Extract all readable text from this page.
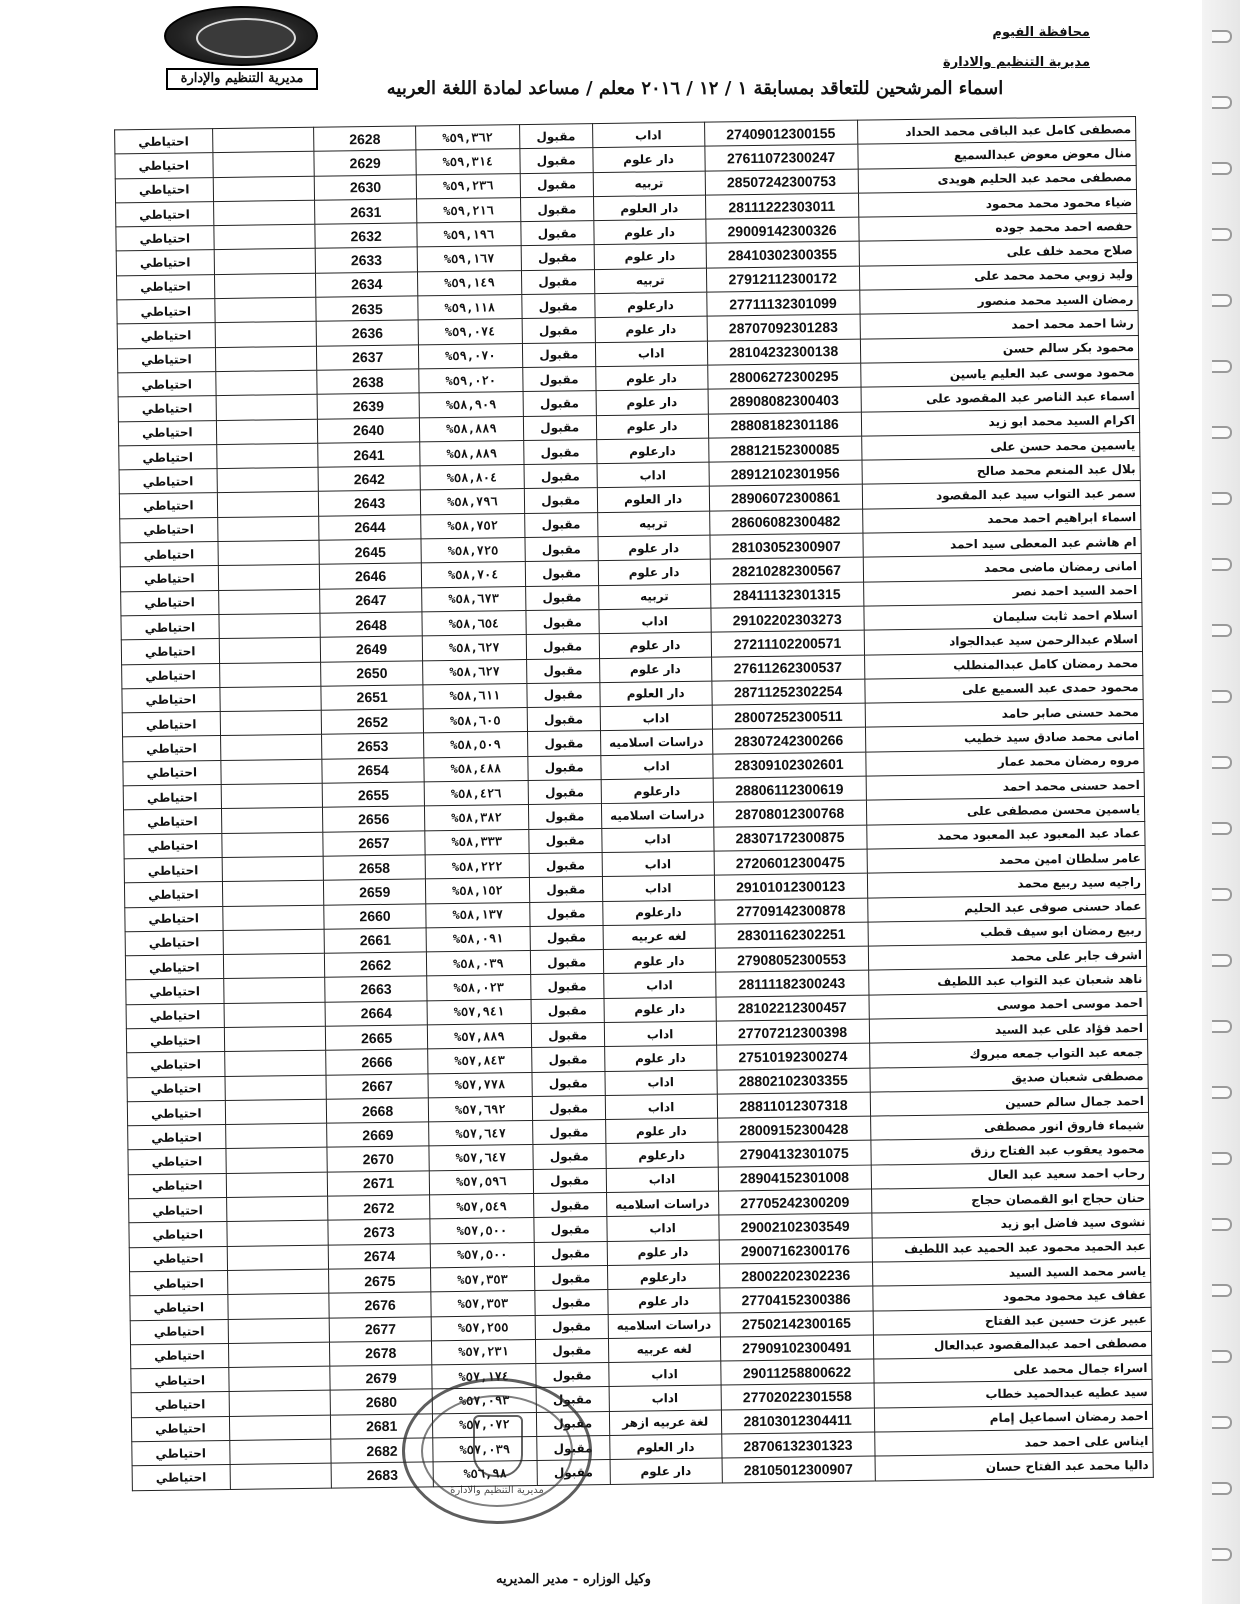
مديرية التنظيم والإدارة
محافظة الفيوم
مديرية التنظيم والادارة
اسماء المرشحين للتعاقد بمسابقة ١ / ١٢ / ٢٠١٦ معلم / مساعد لمادة اللغة العربيه
مصطفى كامل عبد الباقى محمد الحداد	27409012300155	اداب	مقبول	%٥٩,٣٦٢	2628		احتياطي
منال معوض معوض عبدالسميع	27611072300247	دار علوم	مقبول	%٥٩,٣١٤	2629		احتياطي
مصطفى محمد عبد الحليم هويدى	28507242300753	تربيه	مقبول	%٥٩,٢٣٦	2630		احتياطي
ضياء محمود محمد محمود	28111222303011	دار العلوم	مقبول	%٥٩,٢١٦	2631		احتياطي
حفصه احمد محمد جوده	29009142300326	دار علوم	مقبول	%٥٩,١٩٦	2632		احتياطي
صلاح محمد خلف على	28410302300355	دار علوم	مقبول	%٥٩,١٦٧	2633		احتياطي
وليد زوبي محمد محمد على	27912112300172	تربيه	مقبول	%٥٩,١٤٩	2634		احتياطي
رمضان السيد محمد منصور	27711132301099	دارعلوم	مقبول	%٥٩,١١٨	2635		احتياطي
رشا احمد محمد احمد	28707092301283	دار علوم	مقبول	%٥٩,٠٧٤	2636		احتياطي
محمود بكر سالم حسن	28104232300138	اداب	مقبول	%٥٩,٠٧٠	2637		احتياطي
محمود موسى عبد العليم ياسين	28006272300295	دار علوم	مقبول	%٥٩,٠٢٠	2638		احتياطي
اسماء عبد الناصر عبد المقصود على	28908082300403	دار علوم	مقبول	%٥٨,٩٠٩	2639		احتياطي
اكرام السيد محمد ابو زيد	28808182301186	دار علوم	مقبول	%٥٨,٨٨٩	2640		احتياطي
ياسمين محمد حسن على	28812152300085	دارعلوم	مقبول	%٥٨,٨٨٩	2641		احتياطي
بلال عبد المنعم محمد صالح	28912102301956	اداب	مقبول	%٥٨,٨٠٤	2642		احتياطي
سمر عبد التواب سيد عبد المقصود	28906072300861	دار العلوم	مقبول	%٥٨,٧٩٦	2643		احتياطي
اسماء ابراهيم احمد محمد	28606082300482	تربيه	مقبول	%٥٨,٧٥٢	2644		احتياطي
ام هاشم عبد المعطى سيد احمد	28103052300907	دار علوم	مقبول	%٥٨,٧٢٥	2645		احتياطي
امانى رمضان ماضى محمد	28210282300567	دار علوم	مقبول	%٥٨,٧٠٤	2646		احتياطي
احمد السيد احمد نصر	28411132301315	تربيه	مقبول	%٥٨,٦٧٣	2647		احتياطي
اسلام احمد ثابت سليمان	29102202303273	اداب	مقبول	%٥٨,٦٥٤	2648		احتياطي
اسلام عبدالرحمن سيد عبدالجواد	27211102200571	دار علوم	مقبول	%٥٨,٦٢٧	2649		احتياطي
محمد رمضان كامل عبدالمنطلب	27611262300537	دار علوم	مقبول	%٥٨,٦٢٧	2650		احتياطي
محمود حمدى عبد السميع على	28711252302254	دار العلوم	مقبول	%٥٨,٦١١	2651		احتياطي
محمد حسنى صابر حامد	28007252300511	اداب	مقبول	%٥٨,٦٠٥	2652		احتياطي
امانى محمد صادق سيد خطيب	28307242300266	دراسات اسلاميه	مقبول	%٥٨,٥٠٩	2653		احتياطي
مروه رمضان محمد عمار	28309102302601	اداب	مقبول	%٥٨,٤٨٨	2654		احتياطي
احمد حسنى محمد احمد	28806112300619	دارعلوم	مقبول	%٥٨,٤٢٦	2655		احتياطي
ياسمين محسن مصطفى على	28708012300768	دراسات اسلاميه	مقبول	%٥٨,٣٨٢	2656		احتياطي
عماد عبد المعبود عبد المعبود محمد	28307172300875	اداب	مقبول	%٥٨,٣٣٣	2657		احتياطي
عامر سلطان امين محمد	27206012300475	اداب	مقبول	%٥٨,٢٢٢	2658		احتياطي
راجيه سيد ربيع محمد	29101012300123	اداب	مقبول	%٥٨,١٥٢	2659		احتياطي
عماد حسنى صوفى عبد الحليم	27709142300878	دارعلوم	مقبول	%٥٨,١٣٧	2660		احتياطي
ربيع رمضان ابو سيف قطب	28301162302251	لغه عربيه	مقبول	%٥٨,٠٩١	2661		احتياطي
اشرف جابر على محمد	27908052300553	دار علوم	مقبول	%٥٨,٠٣٩	2662		احتياطي
ناهد شعبان عبد التواب عبد اللطيف	28111182300243	اداب	مقبول	%٥٨,٠٢٣	2663		احتياطي
احمد موسى احمد موسى	28102212300457	دار علوم	مقبول	%٥٧,٩٤١	2664		احتياطي
احمد فؤاد على عبد السيد	27707212300398	اداب	مقبول	%٥٧,٨٨٩	2665		احتياطي
جمعه عبد التواب جمعه مبروك	27510192300274	دار علوم	مقبول	%٥٧,٨٤٣	2666		احتياطي
مصطفى شعبان صديق	28802102303355	اداب	مقبول	%٥٧,٧٧٨	2667		احتياطي
احمد جمال سالم حسين	28811012307318	اداب	مقبول	%٥٧,٦٩٢	2668		احتياطي
شيماء فاروق انور مصطفى	28009152300428	دار علوم	مقبول	%٥٧,٦٤٧	2669		احتياطي
محمود يعقوب عبد الفتاح رزق	27904132301075	دارعلوم	مقبول	%٥٧,٦٤٧	2670		احتياطي
رحاب احمد سعيد عبد العال	28904152301008	اداب	مقبول	%٥٧,٥٩٦	2671		احتياطي
حنان حجاج ابو القمصان حجاج	27705242300209	دراسات اسلاميه	مقبول	%٥٧,٥٤٩	2672		احتياطي
نشوى سيد فاضل ابو زيد	29002102303549	اداب	مقبول	%٥٧,٥٠٠	2673		احتياطي
عبد الحميد محمود عبد الحميد عبد اللطيف	29007162300176	دار علوم	مقبول	%٥٧,٥٠٠	2674		احتياطي
ياسر محمد السيد السيد	28002202302236	دارعلوم	مقبول	%٥٧,٣٥٣	2675		احتياطي
عفاف عيد محمود محمود	27704152300386	دار علوم	مقبول	%٥٧,٣٥٣	2676		احتياطي
عبير عزت حسين عبد الفتاح	27502142300165	دراسات اسلاميه	مقبول	%٥٧,٢٥٥	2677		احتياطي
مصطفى احمد عبدالمقصود عبدالعال	27909102300491	لغه عربيه	مقبول	%٥٧,٢٣١	2678		احتياطي
اسراء جمال محمد على	29011258800622	اداب	مقبول	%٥٧,١٧٤	2679		احتياطي
سيد عطيه عبدالحميد خطاب	27702022301558	اداب	مقبول	%٥٧,٠٩٣	2680		احتياطي
احمد رمضان اسماعيل إمام	28103012304411	لغة عربيه ازهر	مقبول	%٥٧,٠٧٢	2681		احتياطي
ايناس على احمد حمد	28706132301323	دار العلوم	مقبول	%٥٧,٠٣٩	2682		احتياطي
داليا محمد عبد الفتاح حسان	28105012300907	دار علوم	مقبول	%٥٦,٩٨	2683		احتياطي
مديرية التنظيم والادارة
وكيل الوزاره - مدير المديريه
